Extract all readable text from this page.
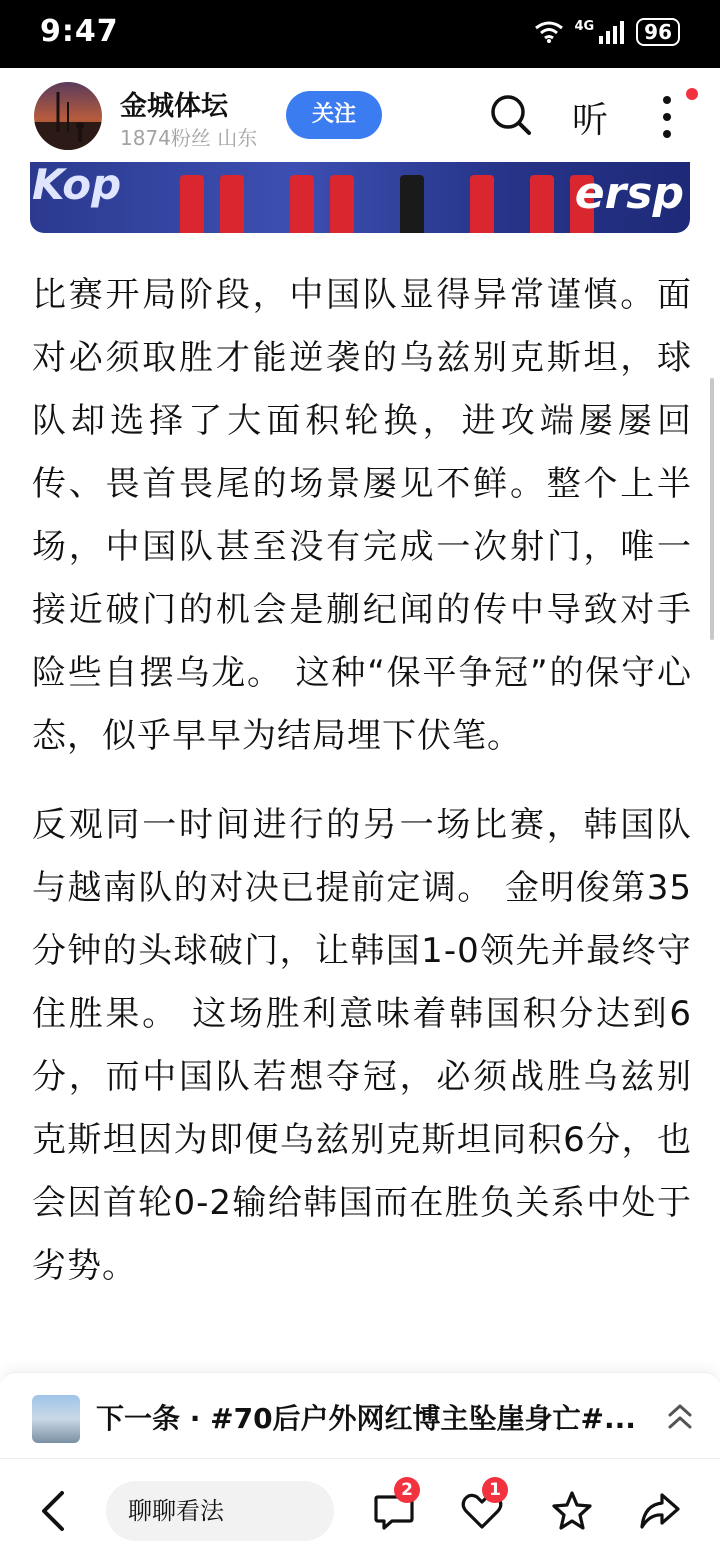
9:47	4G	96
金城体坛
1874粉丝 山东
关注	听
Kop	ersp

比赛开局阶段，中国队显得异常谨慎。面对必须取胜才能逆袭的乌兹别克斯坦，球队却选择了大面积轮换，进攻端屡屡回传、畏首畏尾的场景屡见不鲜。整个上半场，中国队甚至没有完成一次射门，唯一接近破门的机会是蒯纪闻的传中导致对手险些自摆乌龙。 这种“保平争冠”的保守心态，似乎早早为结局埋下伏笔。

反观同一时间进行的另一场比赛，韩国队与越南队的对决已提前定调。 金明俊第35分钟的头球破门，让韩国1-0领先并最终守住胜果。 这场胜利意味着韩国积分达到6分，而中国队若想夺冠，必须战胜乌兹别克斯坦因为即便乌兹别克斯坦同积6分，也会因首轮0-2输给韩国而在胜负关系中处于劣势。

下一条 · #70后户外网红博主坠崖身亡#...
聊聊看法
2	1
